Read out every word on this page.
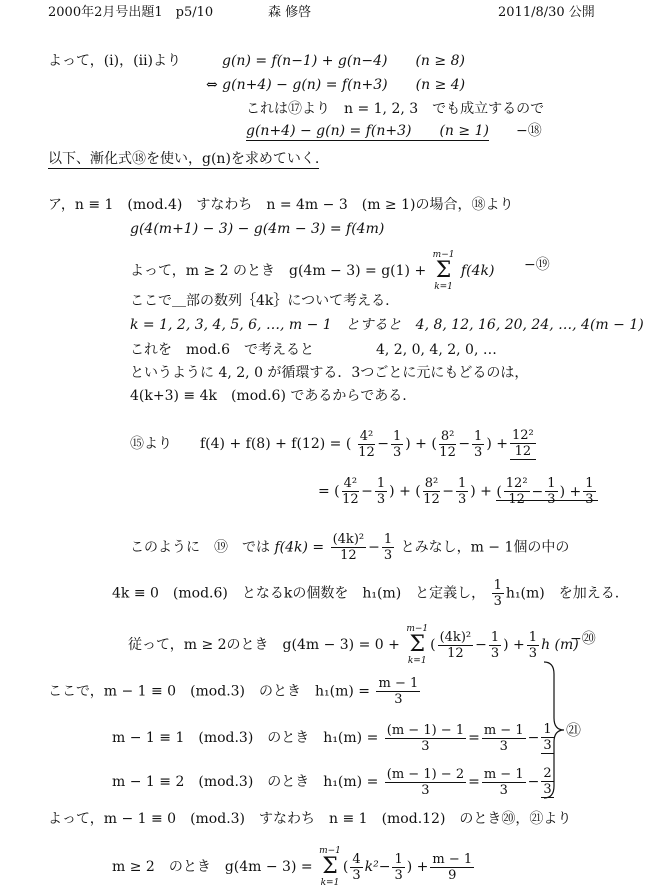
2000年2月号出題1　p5/10	森 修啓	2011/8/30 公開
よって，(ⅰ)，(ⅱ)より	g(n) = f(n−1) + g(n−4)　　(n ≥ 8)
⇔ g(n+4) − g(n) = f(n+3)　　(n ≥ 4)
これは⑰より　n = 1, 2, 3　でも成立するので
g(n+4) − g(n) = f(n+3)　　(n ≥ 1) −⑱
以下、漸化式⑱を使い，g(n)を求めていく.
ア，n ≡ 1　(mod.4)　すなわち　n = 4m − 3　(m ≥ 1)の場合，⑱より
g(4(m+1) − 3) − g(4m − 3) = f(4m)
よって，m ≥ 2 のとき　g(4m − 3) = g(1) +
m−1
Σ
k=1
f(4k) −⑲
ここで＿部の数列｛4k｝について考える.
k = 1, 2, 3, 4, 5, 6, …, m − 1　とすると　4, 8, 12, 16, 20, 24, …, 4(m − 1)
これを　mod.6　で考えると	4, 2, 0, 4, 2, 0, …
というように 4, 2, 0 が循環する．3つごとに元にもどるのは，
4(k+3) ≡ 4k　(mod.6) であるからである.
⑮より　　f(4) + f(8) + f(12) = ( $\frac{\text{4²}}{12} - \frac{1}{3}$ ) + ( $\frac{\text{8²}}{12} - \frac{1}{3}$ ) + $\frac{\text{12²}}{12}$
= ( $\frac{\text{4²}}{12} - \frac{1}{3}$ ) + ( $\frac{\text{8²}}{12} - \frac{1}{3}$ ) + ( $\frac{\text{12²}}{12} - \frac{1}{3}$ ) + $\frac{1}{3}$
このように　⑲　では $f(4k) = \frac{\text{(4k)²}}{12} - \frac{1}{3}$ とみなし，m − 1個の中の
4k ≡ 0　(mod.6)　となるkの個数を　h₁(m)　と定義し， $\frac{1}{3} h_1(m)$　を加える.
従って，m ≥ 2のとき　g(4m − 3) = 0 +
m−1
Σ
k=1
( $\frac{\text{(4k)²}}{12} - \frac{1}{3}$ ) + $\frac{1}{3}$ h (m)
−⑳
ここで，m − 1 ≡ 0　(mod.3)　のとき　$h_1(m) = \frac{m - 1}{3}$
m − 1 ≡ 1　(mod.3)　のとき　$h_1(m) = \frac{(m - 1) - 1}{3} = \frac{m - 1}{3} - \frac{1}{3}$
m − 1 ≡ 2　(mod.3)　のとき　$h_1(m) = \frac{(m - 1) - 2}{3} = \frac{m - 1}{3} - \frac{2}{3}$
㉑
よって，m − 1 ≡ 0　(mod.3)　すなわち　n ≡ 1　(mod.12)　のとき⑳，㉑より
m ≥ 2　のとき　g(4m − 3) =
m−1
Σ
k=1
( $\frac{4}{3} k^2- \frac{1}{3}$ ) + $\frac{m - 1}{9}$
